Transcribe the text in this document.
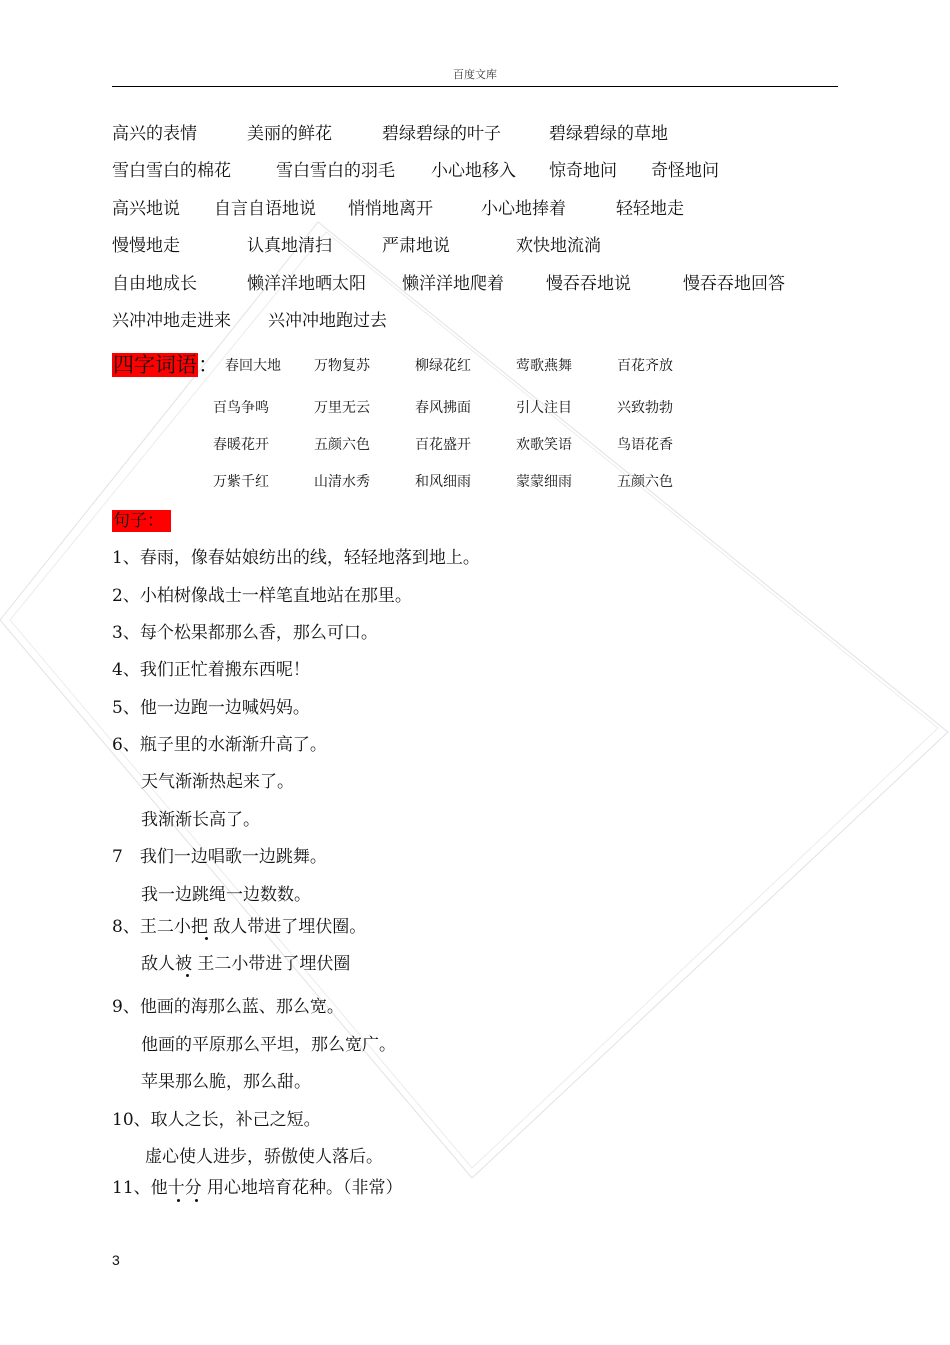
百度文库
高兴的表情	美丽的鲜花	碧绿碧绿的叶子	碧绿碧绿的草地
雪白雪白的棉花	雪白雪白的羽毛 小心地移入 惊奇地问 奇怪地问
高兴地说 自言自语地说 悄悄地离开	小心地捧着	轻轻地走
慢慢地走	认真地清扫	严肃地说	欢快地流淌
自由地成长	懒洋洋地晒太阳 懒洋洋地爬着 慢吞吞地说	慢吞吞地回答
兴冲冲地走进来 兴冲冲地跑过去
四字词语： 春回大地 万物复苏	柳绿花红	莺歌燕舞	百花齐放
百鸟争鸣	万里无云	春风拂面	引人注目	兴致勃勃
春暖花开	五颜六色	百花盛开	欢歌笑语	鸟语花香
万紫千红	山清水秀	和风细雨	蒙蒙细雨	五颜六色
句子：
1、春雨，像春姑娘纺出的线，轻轻地落到地上。
2、小柏树像战士一样笔直地站在那里。
3、每个松果都那么香，那么可口。
4、我们正忙着搬东西呢！
5、他一边跑一边喊妈妈。
6、瓶子里的水渐渐升高了。
天气渐渐热起来了。
我渐渐长高了。
7　我们一边唱歌一边跳舞。
我一边跳绳一边数数。
8、王二小把 敌人带进了埋伏圈。
敌人被 王二小带进了埋伏圈
9、他画的海那么蓝、那么宽。
他画的平原那么平坦，那么宽广。
苹果那么脆，那么甜。
10、取人之长，补己之短。
虚心使人进步，骄傲使人落后。
11、他十分 用心地培育花种。（非常）
3
